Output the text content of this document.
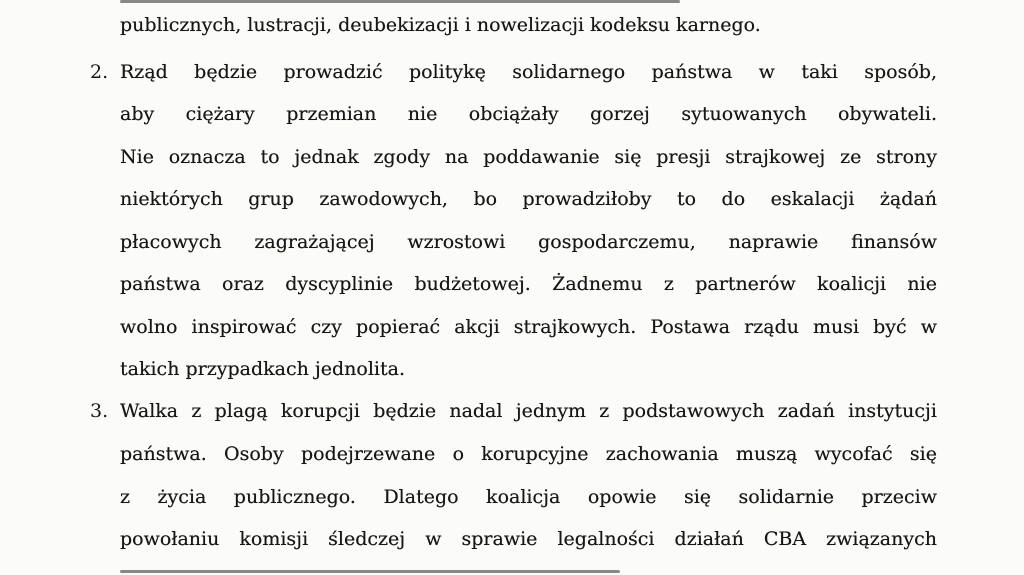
publicznych, lustracji, deubekizacji i nowelizacji kodeksu karnego.
2. Rząd będzie prowadzić politykę solidarnego państwa w taki sposób,
aby ciężary przemian nie obciążały gorzej sytuowanych obywateli.
Nie oznacza to jednak zgody na poddawanie się presji strajkowej ze strony
niektórych grup zawodowych, bo prowadziłoby to do eskalacji żądań
płacowych zagrażającej wzrostowi gospodarczemu, naprawie finansów
państwa oraz dyscyplinie budżetowej. Żadnemu z partnerów koalicji nie
wolno inspirować czy popierać akcji strajkowych. Postawa rządu musi być w
takich przypadkach jednolita.
3. Walka z plagą korupcji będzie nadal jednym z podstawowych zadań instytucji
państwa. Osoby podejrzewane o korupcyjne zachowania muszą wycofać się
z życia publicznego. Dlatego koalicja opowie się solidarnie przeciw
powołaniu komisji śledczej w sprawie legalności działań CBA związanych
